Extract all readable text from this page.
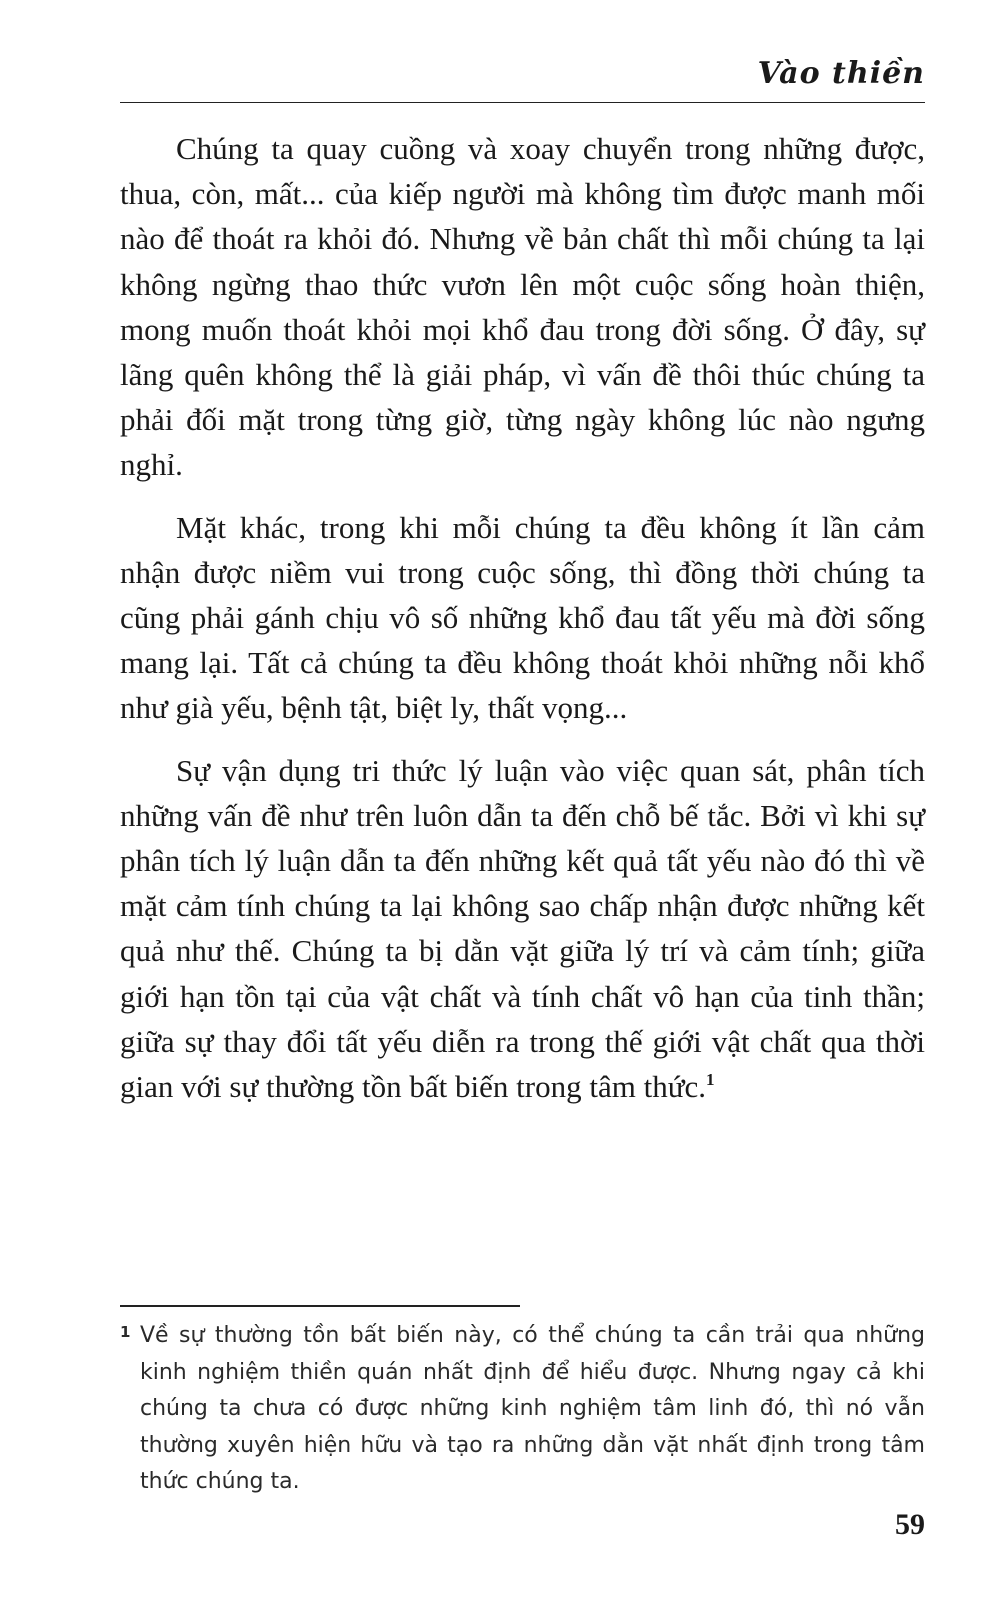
Vào thiền

Chúng ta quay cuồng và xoay chuyển trong những được, thua, còn, mất... của kiếp người mà không tìm được manh mối nào để thoát ra khỏi đó. Nhưng về bản chất thì mỗi chúng ta lại không ngừng thao thức vươn lên một cuộc sống hoàn thiện, mong muốn thoát khỏi mọi khổ đau trong đời sống. Ở đây, sự lãng quên không thể là giải pháp, vì vấn đề thôi thúc chúng ta phải đối mặt trong từng giờ, từng ngày không lúc nào ngưng nghỉ.

Mặt khác, trong khi mỗi chúng ta đều không ít lần cảm nhận được niềm vui trong cuộc sống, thì đồng thời chúng ta cũng phải gánh chịu vô số những khổ đau tất yếu mà đời sống mang lại. Tất cả chúng ta đều không thoát khỏi những nỗi khổ như già yếu, bệnh tật, biệt ly, thất vọng...

Sự vận dụng tri thức lý luận vào việc quan sát, phân tích những vấn đề như trên luôn dẫn ta đến chỗ bế tắc. Bởi vì khi sự phân tích lý luận dẫn ta đến những kết quả tất yếu nào đó thì về mặt cảm tính chúng ta lại không sao chấp nhận được những kết quả như thế. Chúng ta bị dằn vặt giữa lý trí và cảm tính; giữa giới hạn tồn tại của vật chất và tính chất vô hạn của tinh thần; giữa sự thay đổi tất yếu diễn ra trong thế giới vật chất qua thời gian với sự thường tồn bất biến trong tâm thức.$^1$

1 Về sự thường tồn bất biến này, có thể chúng ta cần trải qua những kinh nghiệm thiền quán nhất định để hiểu được. Nhưng ngay cả khi chúng ta chưa có được những kinh nghiệm tâm linh đó, thì nó vẫn thường xuyên hiện hữu và tạo ra những dằn vặt nhất định trong tâm thức chúng ta.
59
